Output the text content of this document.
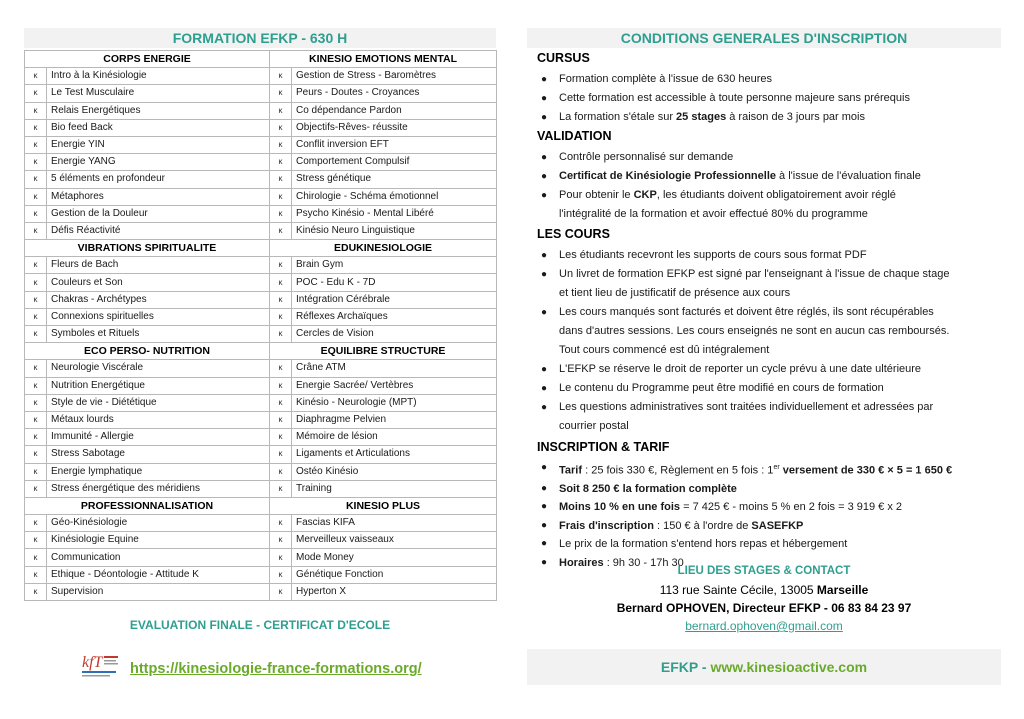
FORMATION EFKP - 630 H
CORPS ENERGIE		KINESIO EMOTIONS MENTAL	
ĸ	Intro à la Kinésiologie	ĸ	Gestion de Stress - Baromètres
ĸ	Le Test Musculaire	ĸ	Peurs - Doutes - Croyances
ĸ	Relais Energétiques	ĸ	Co dépendance Pardon
ĸ	Bio feed Back	ĸ	Objectifs-Rêves- réussite
ĸ	Energie YIN	ĸ	Conflit inversion EFT
ĸ	Energie YANG	ĸ	Comportement Compulsif
ĸ	5 éléments en profondeur	ĸ	Stress génétique
ĸ	Métaphores	ĸ	Chirologie - Schéma émotionnel
ĸ	Gestion de la Douleur	ĸ	Psycho Kinésio - Mental Libéré
ĸ	Défis Réactivité	ĸ	Kinésio Neuro Linguistique
VIBRATIONS SPIRITUALITE		EDUKINESIOLOGIE	
ĸ	Fleurs de Bach	ĸ	Brain Gym
ĸ	Couleurs et Son	ĸ	POC - Edu K - 7D
ĸ	Chakras - Archétypes	ĸ	Intégration Cérébrale
ĸ	Connexions spirituelles	ĸ	Réflexes Archaïques
ĸ	Symboles et Rituels	ĸ	Cercles de Vision
ECO PERSO- NUTRITION		EQUILIBRE STRUCTURE	
ĸ	Neurologie Viscérale	ĸ	Crâne ATM
ĸ	Nutrition Energétique	ĸ	Energie Sacrée/ Vertèbres
ĸ	Style de vie - Diététique	ĸ	Kinésio - Neurologie (MPT)
ĸ	Métaux lourds	ĸ	Diaphragme Pelvien
ĸ	Immunité - Allergie	ĸ	Mémoire de lésion
ĸ	Stress Sabotage	ĸ	Ligaments et Articulations
ĸ	Energie lymphatique	ĸ	Ostéo Kinésio
ĸ	Stress énergétique des méridiens	ĸ	Training
PROFESSIONNALISATION		KINESIO PLUS	
ĸ	Géo-Kinésiologie	ĸ	Fascias KIFA
ĸ	Kinésiologie Equine	ĸ	Merveilleux vaisseaux
ĸ	Communication	ĸ	Mode Money
ĸ	Ethique - Déontologie - Attitude K	ĸ	Génétique Fonction
ĸ	Supervision	ĸ	Hyperton X
EVALUATION FINALE - CERTIFICAT D'ECOLE
kfT https://kinesiologie-france-formations.org/
CONDITIONS GENERALES D'INSCRIPTION
CURSUS
● Formation complète à l'issue de 630 heures
● Cette formation est accessible à toute personne majeure sans prérequis
● La formation s'étale sur 25 stages à raison de 3 jours par mois
VALIDATION
● Contrôle personnalisé sur demande
● Certificat de Kinésiologie Professionnelle à l'issue de l'évaluation finale
● Pour obtenir le CKP, les étudiants doivent obligatoirement avoir réglé
l'intégralité de la formation et avoir effectué 80% du programme
LES COURS
● Les étudiants recevront les supports de cours sous format PDF
● Un livret de formation EFKP est signé par l'enseignant à l'issue de chaque stage
et tient lieu de justificatif de présence aux cours
● Les cours manqués sont facturés et doivent être réglés, ils sont récupérables
dans d'autres sessions. Les cours enseignés ne sont en aucun cas remboursés.
Tout cours commencé est dû intégralement
● L'EFKP se réserve le droit de reporter un cycle prévu à une date ultérieure
● Le contenu du Programme peut être modifié en cours de formation
● Les questions administratives sont traitées individuellement et adressées par
courrier postal
INSCRIPTION & TARIF
● Tarif : 25 fois 330 €, Règlement en 5 fois : 1er versement de 330 € × 5 = 1 650 €
● Soit 8 250 € la formation complète
● Moins 10 % en une fois = 7 425 € - moins 5 % en 2 fois = 3 919 € x 2
● Frais d'inscription : 150 € à l'ordre de SASEFKP
● Le prix de la formation s'entend hors repas et hébergement
● Horaires : 9h 30 - 17h 30
LIEU DES STAGES & CONTACT
113 rue Sainte Cécile, 13005 Marseille
Bernard OPHOVEN, Directeur EFKP - 06 83 84 23 97
bernard.ophoven@gmail.com
EFKP - www.kinesioactive.com
